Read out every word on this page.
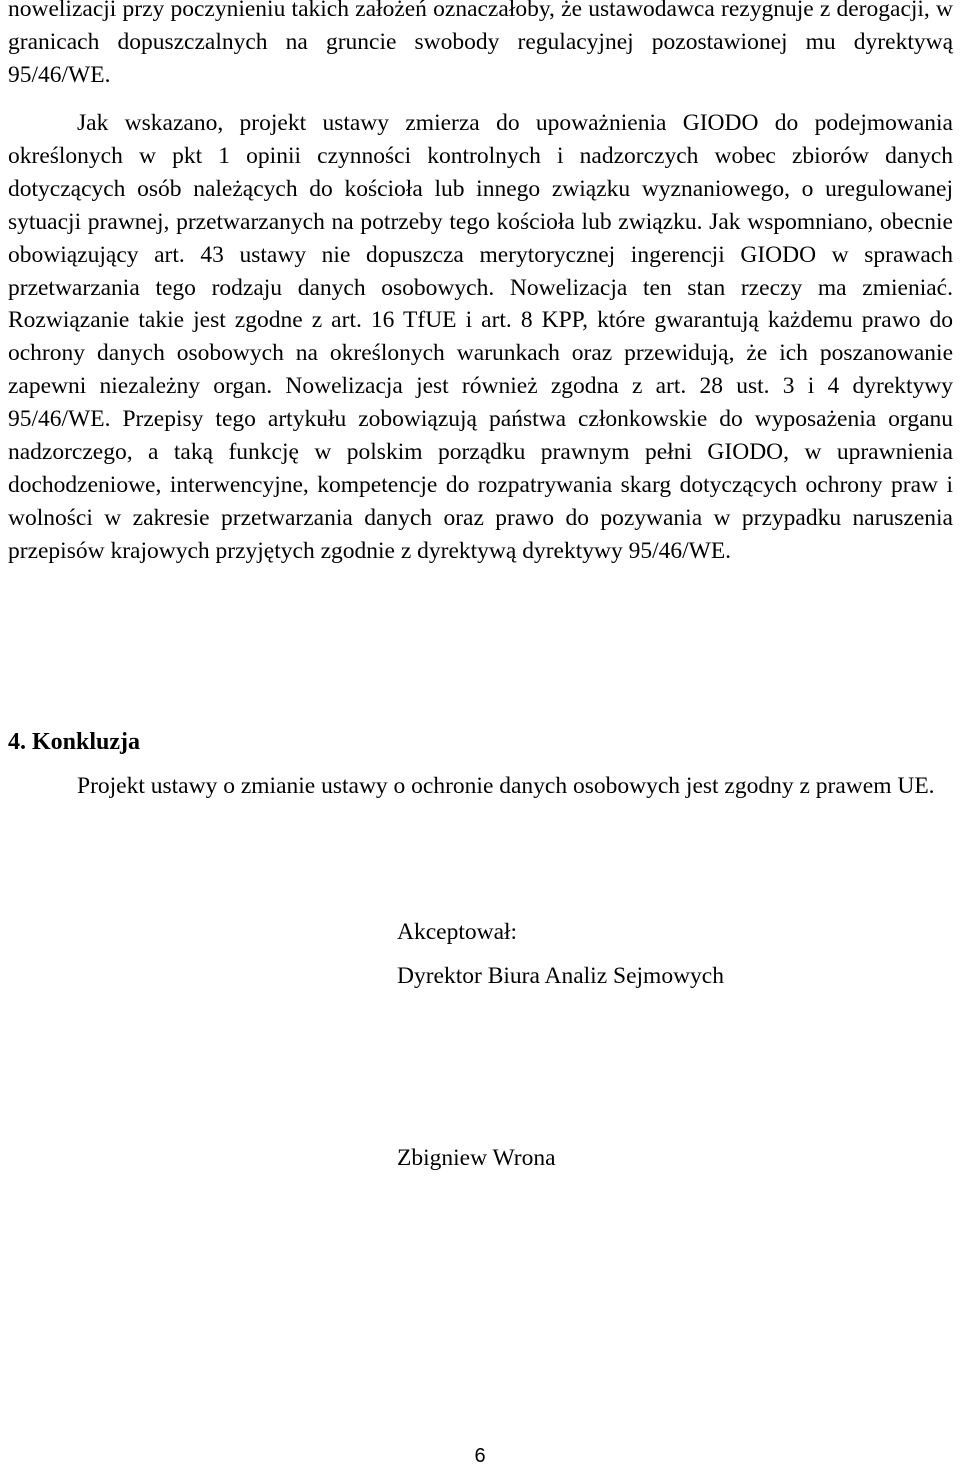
nowelizacji przy poczynieniu takich założeń oznaczałoby, że ustawodawca rezygnuje z derogacji, w granicach dopuszczalnych na gruncie swobody regulacyjnej pozostawionej mu dyrektywą 95/46/WE.

Jak wskazano, projekt ustawy zmierza do upoważnienia GIODO do podejmowania określonych w pkt 1 opinii czynności kontrolnych i nadzorczych wobec zbiorów danych dotyczących osób należących do kościoła lub innego związku wyznaniowego, o uregulowanej sytuacji prawnej, przetwarzanych na potrzeby tego kościoła lub związku. Jak wspomniano, obecnie obowiązujący art. 43 ustawy nie dopuszcza merytorycznej ingerencji GIODO w sprawach przetwarzania tego rodzaju danych osobowych. Nowelizacja ten stan rzeczy ma zmieniać. Rozwiązanie takie jest zgodne z art. 16 TfUE i art. 8 KPP, które gwarantują każdemu prawo do ochrony danych osobowych na określonych warunkach oraz przewidują, że ich poszanowanie zapewni niezależny organ. Nowelizacja jest również zgodna z art. 28 ust. 3 i 4 dyrektywy 95/46/WE. Przepisy tego artykułu zobowiązują państwa członkowskie do wyposażenia organu nadzorczego, a taką funkcję w polskim porządku prawnym pełni GIODO, w uprawnienia dochodzeniowe, interwencyjne, kompetencje do rozpatrywania skarg dotyczących ochrony praw i wolności w zakresie przetwarzania danych oraz prawo do pozywania w przypadku naruszenia przepisów krajowych przyjętych zgodnie z dyrektywą dyrektywy 95/46/WE.

4. Konkluzja

Projekt ustawy o zmianie ustawy o ochronie danych osobowych jest zgodny z prawem UE.

Akceptował:

Dyrektor Biura Analiz Sejmowych

Zbigniew Wrona

6
